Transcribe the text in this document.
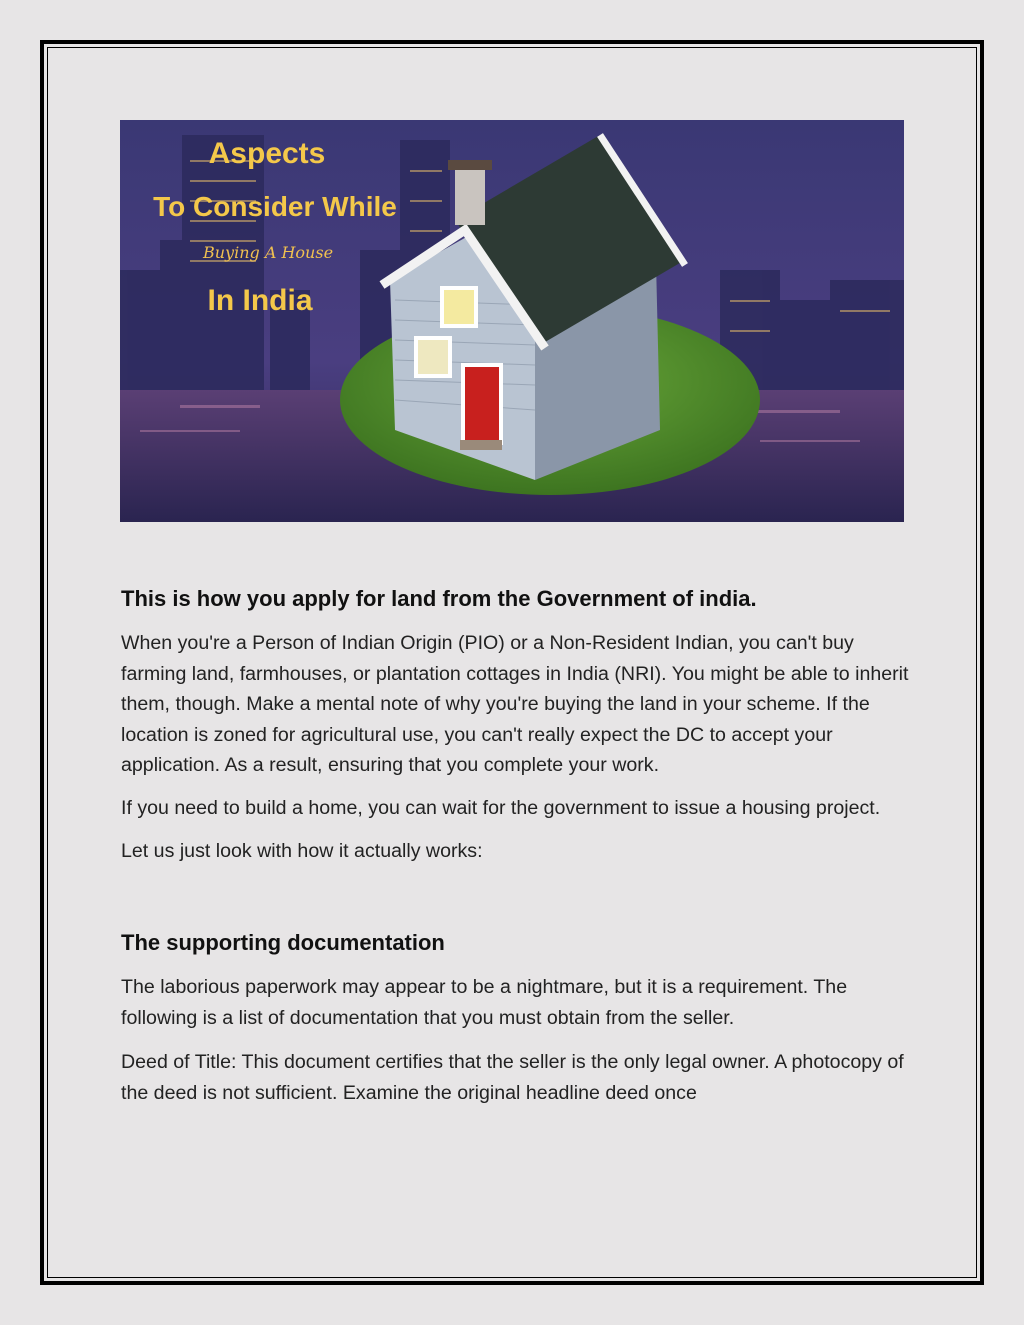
Aspects
To Consider While
Buying A House
In India
This is how you apply for land from the Government of india.

When you're a Person of Indian Origin (PIO) or a Non-Resident Indian, you can't buy farming land, farmhouses, or plantation cottages in India (NRI). You might be able to inherit them, though. Make a mental note of why you're buying the land in your scheme. If the location is zoned for agricultural use, you can't really expect the DC to accept your application. As a result, ensuring that you complete your work.

If you need to build a home, you can wait for the government to issue a housing project.

Let us just look with how it actually works:

The supporting documentation

The laborious paperwork may appear to be a nightmare, but it is a requirement. The following is a list of documentation that you must obtain from the seller.

Deed of Title: This document certifies that the seller is the only legal owner. A photocopy of the deed is not sufficient. Examine the original headline deed once
